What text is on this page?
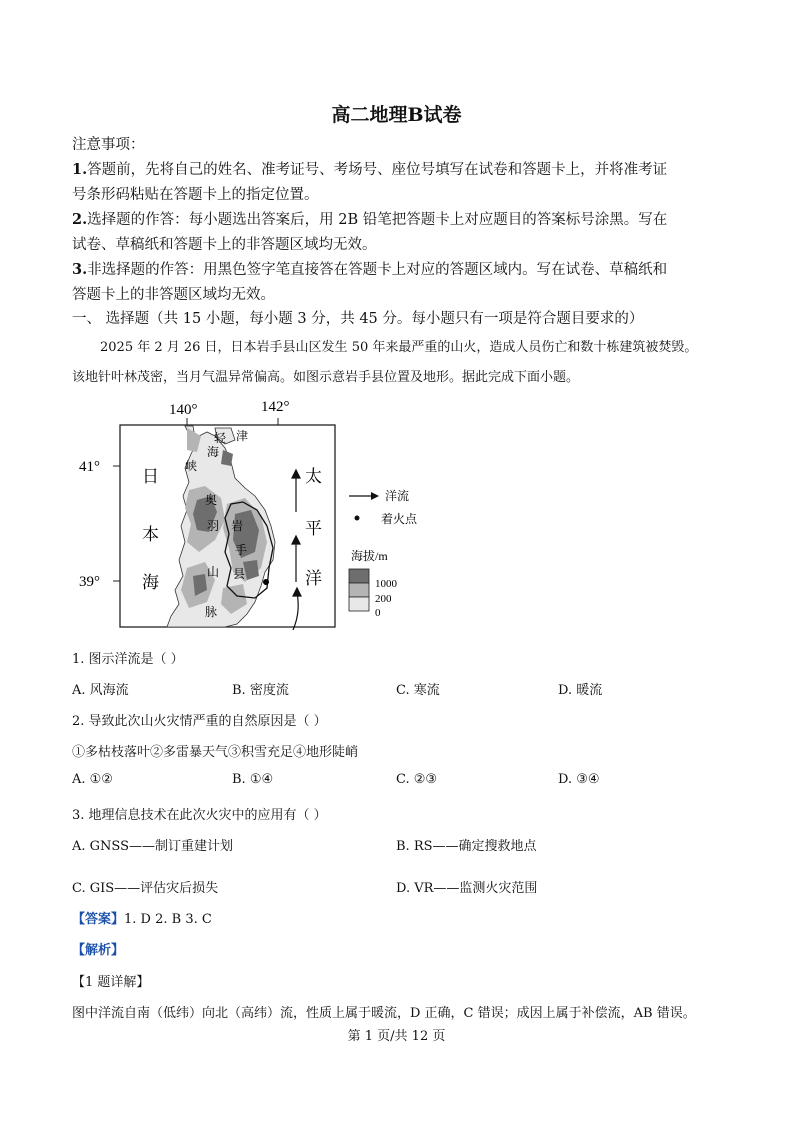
高二地理B试卷
注意事项：
1.答题前，先将自己的姓名、准考证号、考场号、座位号填写在试卷和答题卡上，并将准考证
号条形码粘贴在答题卡上的指定位置。
2.选择题的作答：每小题选出答案后，用 2B 铅笔把答题卡上对应题目的答案标号涂黑。写在
试卷、草稿纸和答题卡上的非答题区域均无效。
3.非选择题的作答：用黑色签字笔直接答在答题卡上对应的答题区域内。写在试卷、草稿纸和
答题卡上的非答题区域均无效。
一、 选择题（共 15 小题，每小题 3 分，共 45 分。每小题只有一项是符合题目要求的）
2025 年 2 月 26 日，日本岩手县山区发生 50 年来最严重的山火，造成人员伤亡和数十栋建筑被焚毁。
该地针叶林茂密，当月气温异常偏高。如图示意岩手县位置及地形。据此完成下面小题。
140°	142°
41°
39°
日
本
海
太
平
洋
轻 津
海
峡
奥
羽
山
脉
岩
手
县
洋流
着火点
海拔/m
1000
200
0
1. 图示洋流是（ ）
A. 风海流	B. 密度流	C. 寒流	D. 暖流
2. 导致此次山火灾情严重的自然原因是（ ）
①多枯枝落叶②多雷暴天气③积雪充足④地形陡峭
A. ①②	B. ①④	C. ②③	D. ③④
3. 地理信息技术在此次火灾中的应用有（ ）
A. GNSS——制订重建计划	B. RS——确定搜救地点
C. GIS——评估灾后损失	D. VR——监测火灾范围
【答案】1. D 2. B 3. C
【解析】
【1 题详解】
图中洋流自南（低纬）向北（高纬）流，性质上属于暖流，D 正确，C 错误；成因上属于补偿流，AB 错误。
第 1 页/共 12 页
